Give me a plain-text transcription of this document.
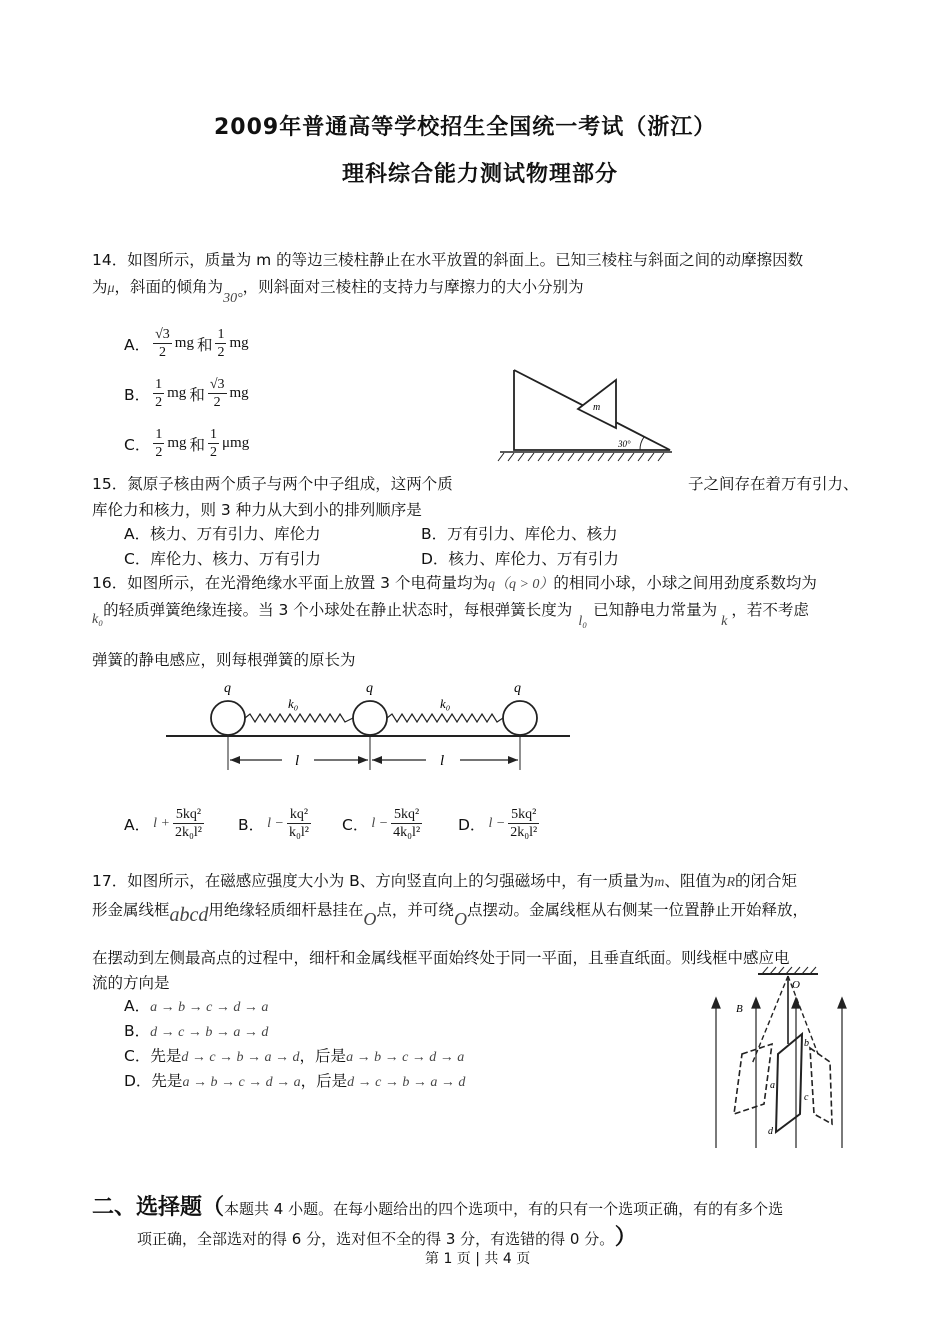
2009年普通高等学校招生全国统一考试（浙江）
理科综合能力测试物理部分
14．如图所示，质量为 m 的等边三棱柱静止在水平放置的斜面上。已知三棱柱与斜面之间的动摩擦因数
为μ，斜面的倾角为30°，则斜面对三棱柱的支持力与摩擦力的大小分别为
A． $\frac{√3}{2}$ mg 和 $\frac{1}{2}$ mg
B． $\frac{1}{2}$ mg 和 $\frac{√3}{2}$ mg
C． $\frac{1}{2}$ mg 和 $\frac{1}{2}$ μmg
m
30°
15．氮原子核由两个质子与两个中子组成，这两个质	子之间存在着万有引力、
库伦力和核力，则 3 种力从大到小的排列顺序是
A．核力、万有引力、库伦力	B．万有引力、库伦力、核力
C．库伦力、核力、万有引力	D．核力、库伦力、万有引力
16．如图所示，在光滑绝缘水平面上放置 3 个电荷量均为q（q > 0）的相同小球，小球之间用劲度系数均为
k₀的轻质弹簧绝缘连接。当 3 个小球处在静止状态时，每根弹簧长度为l₀已知静电力常量为k，若不考虑
弹簧的静电感应，则每根弹簧的原长为
q	q	q
k₀	k₀
l	l
A． $l + \frac{\text{5kq²}}{\text{2k₀l²}}$ B． $l - \frac{\text{kq²}}{\text{k₀l²}}$ C． $l - \frac{\text{5kq²}}{\text{4k₀l²}}$ D． $l - \frac{\text{5kq²}}{\text{2k₀l²}}$
17．如图所示，在磁感应强度大小为 B、方向竖直向上的匀强磁场中，有一质量为m、阻值为R的闭合矩
形金属线框abcd用绝缘轻质细杆悬挂在O点，并可绕O点摆动。金属线框从右侧某一位置静止开始释放，
在摆动到左侧最高点的过程中，细杆和金属线框平面始终处于同一平面，且垂直纸面。则线框中感应电
流的方向是
A．a → b → c → d → a
B．d → c → b → a → d
C．先是d → c → b → a → d，后是a → b → c → d → a
D．先是a → b → c → d → a，后是d → c → b → a → d
O
B
a
b
c
d
二、选择题（本题共 4 小题。在每小题给出的四个选项中，有的只有一个选项正确，有的有多个选
项正确，全部选对的得 6 分，选对但不全的得 3 分，有选错的得 0 分。 ）
第 1 页 | 共 4 页
